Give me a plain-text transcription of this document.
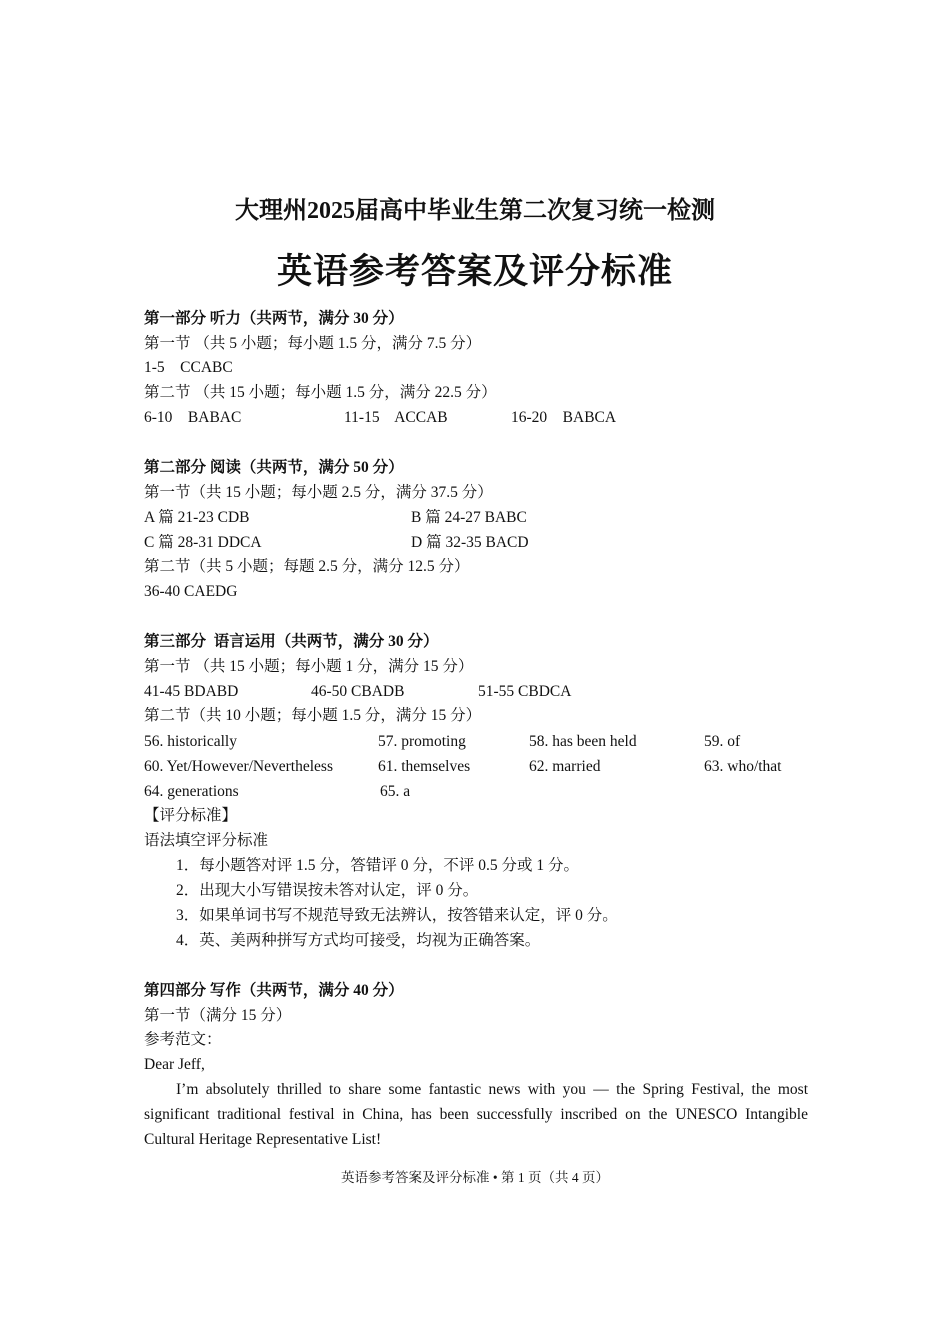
大理州2025届高中毕业生第二次复习统一检测
英语参考答案及评分标准
第一部分 听力（共两节，满分 30 分）
第一节 （共 5 小题；每小题 1.5 分，满分 7.5 分）
1-5    CCABC
第二节 （共 15 小题；每小题 1.5 分，满分 22.5 分）
6-10    BABAC	11-15    ACCAB	16-20    BABCA
第二部分 阅读（共两节，满分 50 分）
第一节（共 15 小题；每小题 2.5 分，满分 37.5 分）
A 篇 21-23 CDB	B 篇 24-27 BABC
C 篇 28-31 DDCA	D 篇 32-35 BACD
第二节（共 5 小题；每题 2.5 分，满分 12.5 分）
36-40 CAEDG
第三部分  语言运用（共两节，满分 30 分）
第一节 （共 15 小题；每小题 1 分，满分 15 分）
41-45 BDABD	46-50 CBADB	51-55 CBDCA
第二节（共 10 小题；每小题 1.5 分，满分 15 分）
56. historically	57. promoting	58. has been held	59. of
60. Yet/However/Nevertheless	61. themselves	62. married	63. who/that
64. generations	65. a
【评分标准】
语法填空评分标准
1．每小题答对评 1.5 分，答错评 0 分，不评 0.5 分或 1 分。
2．出现大小写错误按未答对认定，评 0 分。
3．如果单词书写不规范导致无法辨认，按答错来认定，评 0 分。
4．英、美两种拼写方式均可接受，均视为正确答案。
第四部分 写作（共两节，满分 40 分）
第一节（满分 15 分）
参考范文：
Dear Jeff,
I’m absolutely thrilled to share some fantastic news with you — the Spring Festival, the most significant traditional festival in China, has been successfully inscribed on the UNESCO Intangible Cultural Heritage Representative List!
英语参考答案及评分标准 • 第 1 页（共 4 页）
